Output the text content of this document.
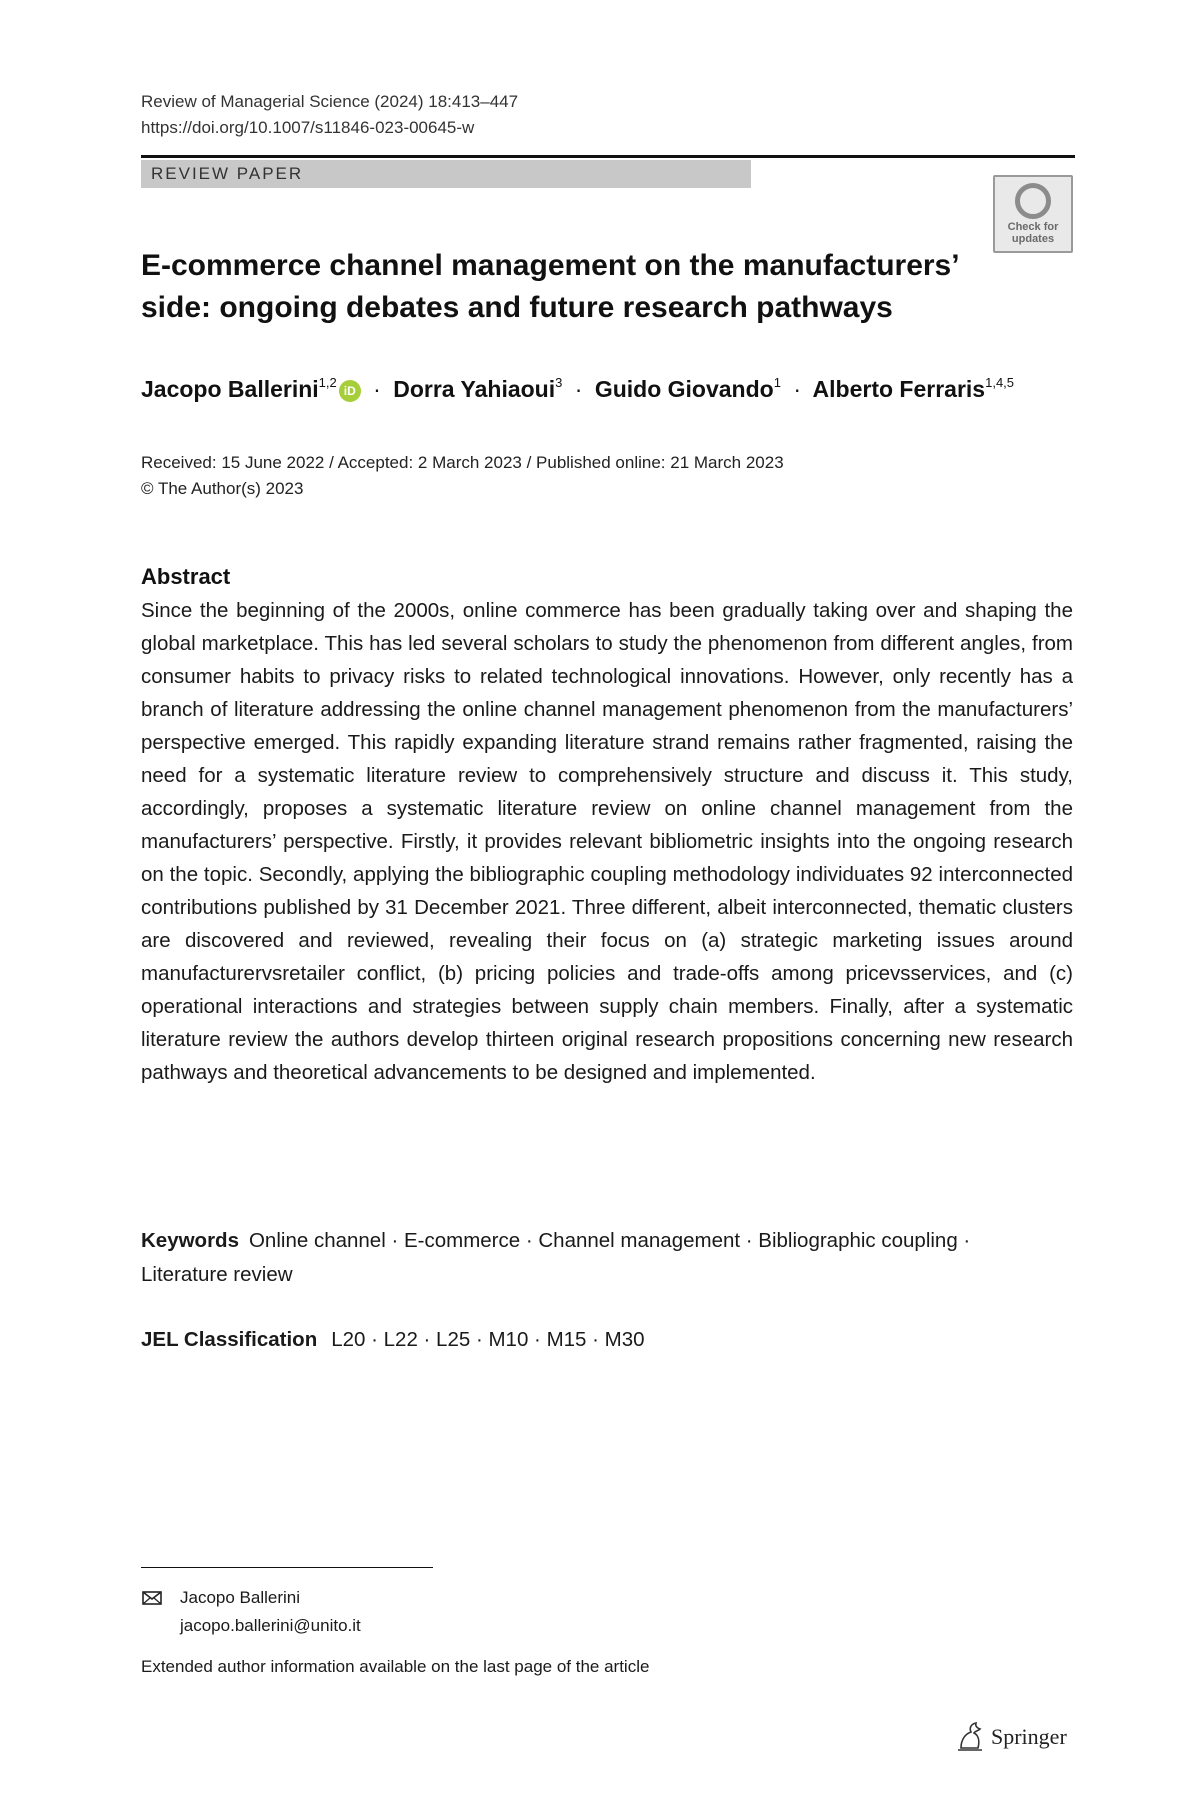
Review of Managerial Science (2024) 18:413–447
https://doi.org/10.1007/s11846-023-00645-w
REVIEW PAPER
Check for updates
E-commerce channel management on the manufacturers’ side: ongoing debates and future research pathways
Jacopo Ballerini$^{1,2}$iD · Dorra Yahiaoui$^3$ · Guido Giovando$^1$ · Alberto Ferraris$^{1,4,5}$
Received: 15 June 2022 / Accepted: 2 March 2023 / Published online: 21 March 2023
© The Author(s) 2023
Abstract
Since the beginning of the 2000s, online commerce has been gradually taking over and shaping the global marketplace. This has led several scholars to study the phenomenon from different angles, from consumer habits to privacy risks to related technological innovations. However, only recently has a branch of literature addressing the online channel management phenomenon from the manufacturers’ perspective emerged. This rapidly expanding literature strand remains rather fragmented, raising the need for a systematic literature review to comprehensively structure and discuss it. This study, accordingly, proposes a systematic literature review on online channel management from the manufacturers’ perspective. Firstly, it provides relevant bibliometric insights into the ongoing research on the topic. Secondly, applying the bibliographic coupling methodology individuates 92 interconnected contributions published by 31 December 2021. Three different, albeit interconnected, thematic clusters are discovered and reviewed, revealing their focus on (a) strategic marketing issues around manufacturervsretailer conflict, (b) pricing policies and trade-offs among pricevsservices, and (c) operational interactions and strategies between supply chain members. Finally, after a systematic literature review the authors develop thirteen original research propositions concerning new research pathways and theoretical advancements to be designed and implemented.
Keywords Online channel · E-commerce · Channel management · Bibliographic coupling · Literature review
JEL Classification L20 · L22 · L25 · M10 · M15 · M30
Jacopo Ballerini
jacopo.ballerini@unito.it
Extended author information available on the last page of the article
Springer
